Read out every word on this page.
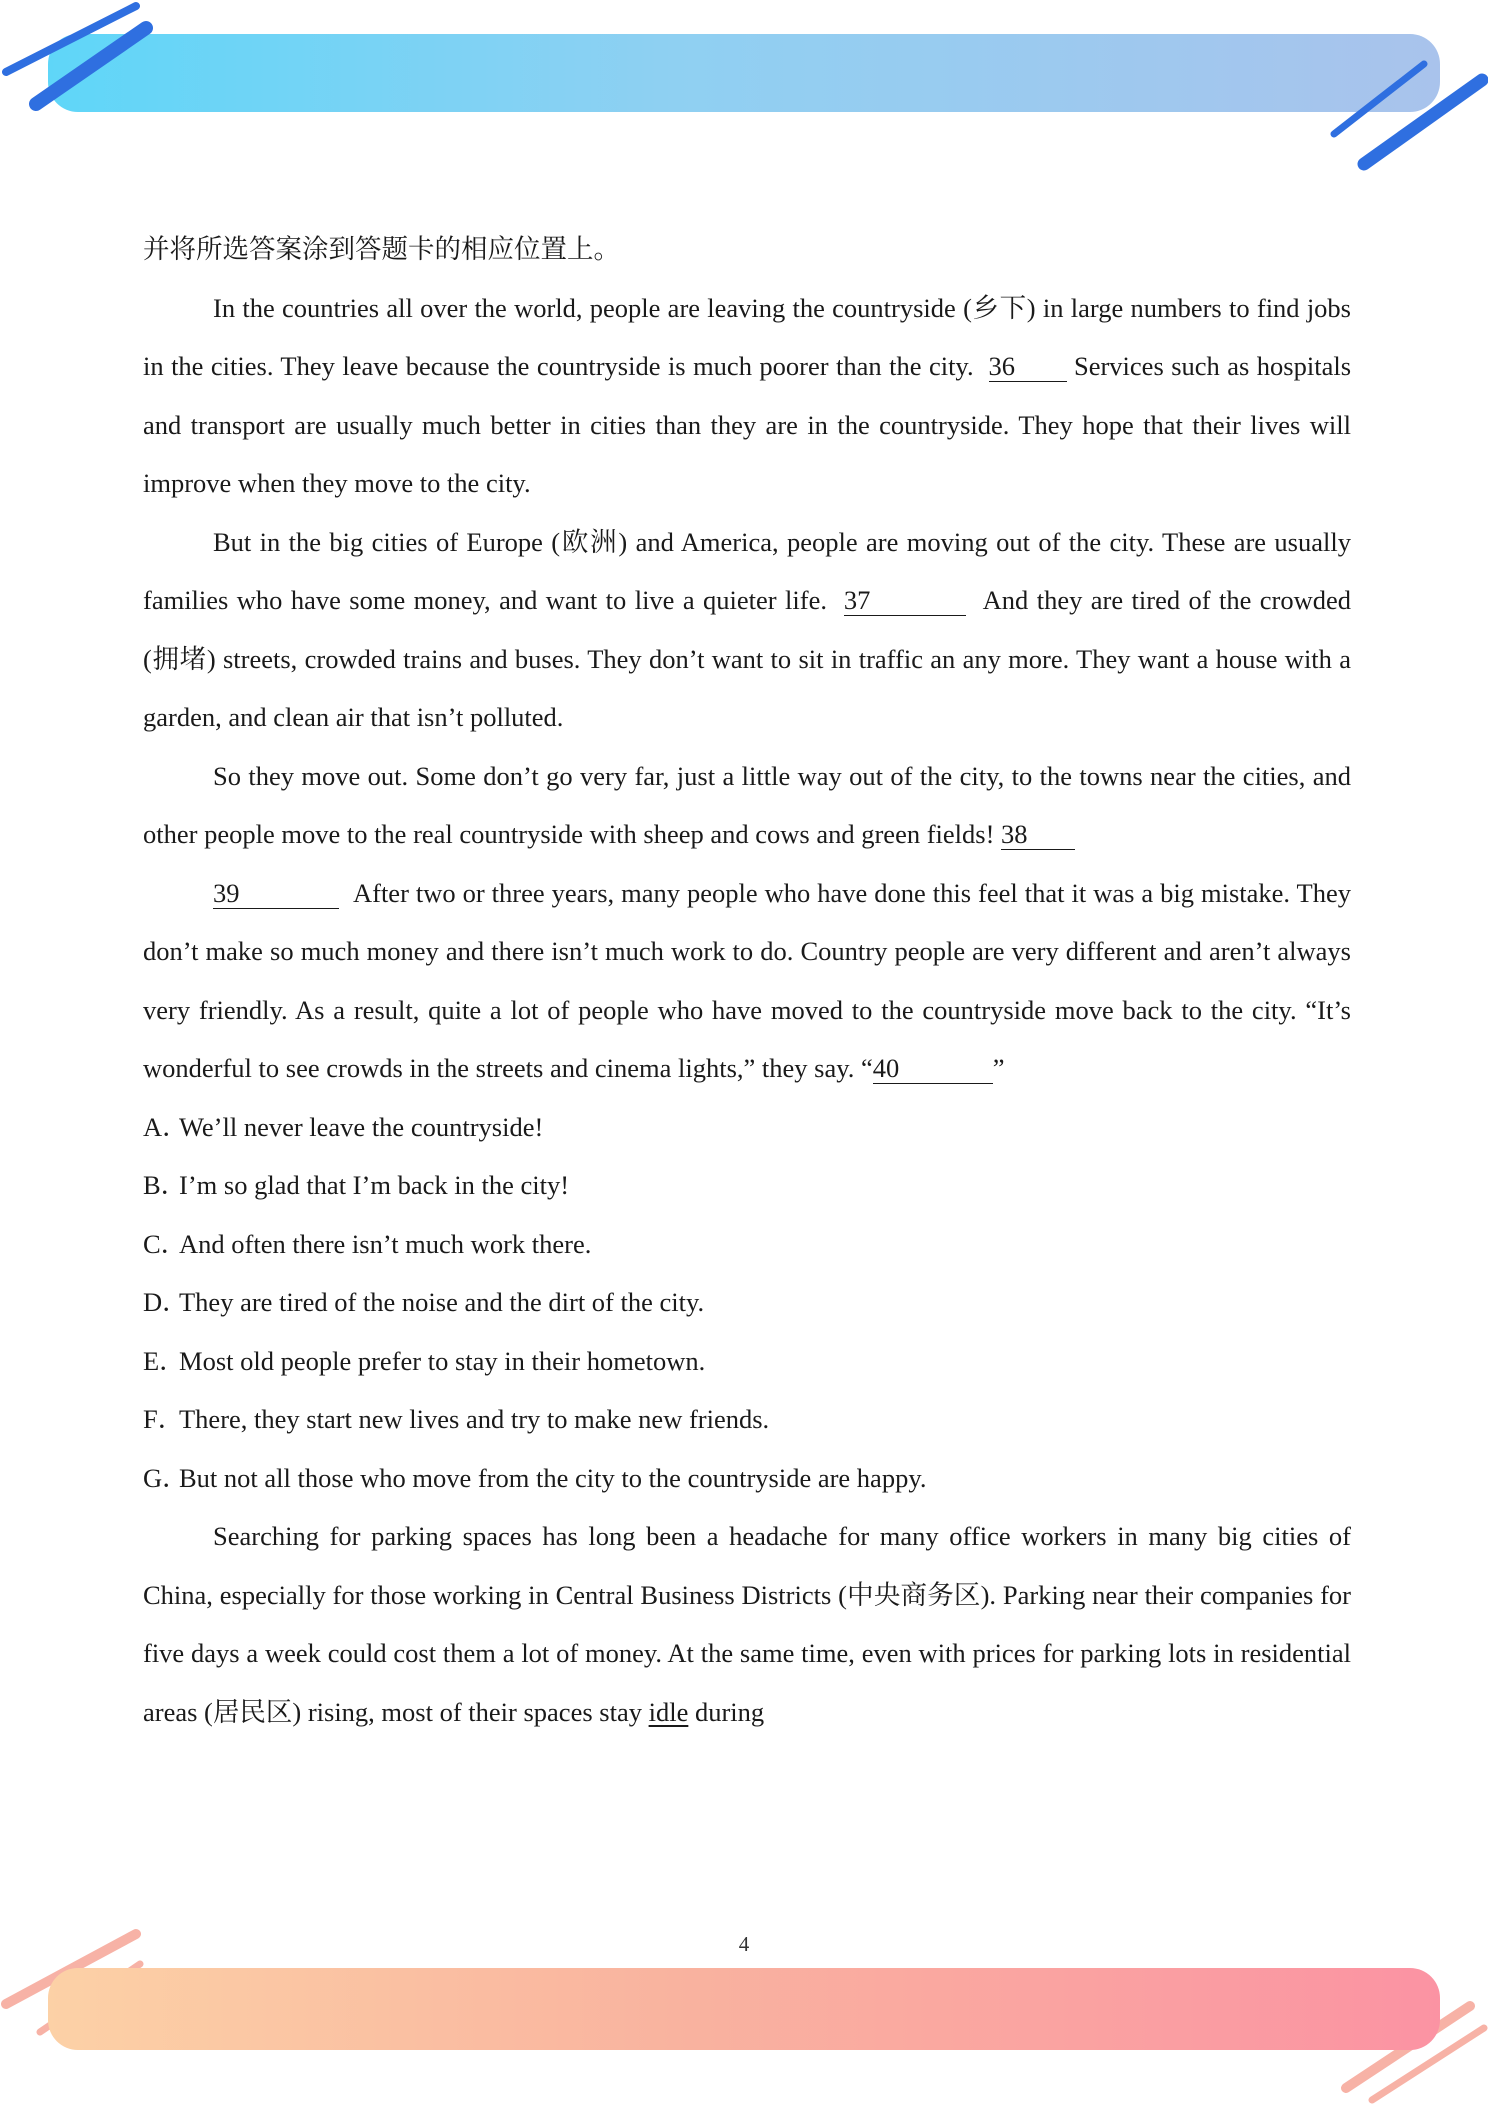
并将所选答案涂到答题卡的相应位置上。

In the countries all over the world, people are leaving the countryside (乡下) in large numbers to find jobs in the cities. They leave because the countryside is much poorer than the city. 36 Services such as hospitals and transport are usually much better in cities than they are in the countryside. They hope that their lives will improve when they move to the city.

But in the big cities of Europe (欧洲) and America, people are moving out of the city. These are usually families who have some money, and want to live a quieter life. 37	And they are tired of the crowded (拥堵) streets, crowded trains and buses. They don’t want to sit in traffic an any more. They want a house with a garden, and clean air that isn’t polluted.

So they move out. Some don’t go very far, just a little way out of the city, to the towns near the cities, and other people move to the real countryside with sheep and cows and green fields! 38

39	After two or three years, many people who have done this feel that it was a big mistake. They don’t make so much money and there isn’t much work to do. Country people are very different and aren’t always very friendly. As a result, quite a lot of people who have moved to the countryside move back to the city. “It’s wonderful to see crowds in the streets and cinema lights,” they say. “40	”

A．We’ll never leave the countryside!

B．I’m so glad that I’m back in the city!

C．And often there isn’t much work there.

D．They are tired of the noise and the dirt of the city.

E．Most old people prefer to stay in their hometown.

F．There, they start new lives and try to make new friends.

G．But not all those who move from the city to the countryside are happy.

Searching for parking spaces has long been a headache for many office workers in many big cities of China, especially for those working in Central Business Districts (中央商务区). Parking near their companies for five days a week could cost them a lot of money. At the same time, even with prices for parking lots in residential areas (居民区) rising, most of their spaces stay idle during

4
